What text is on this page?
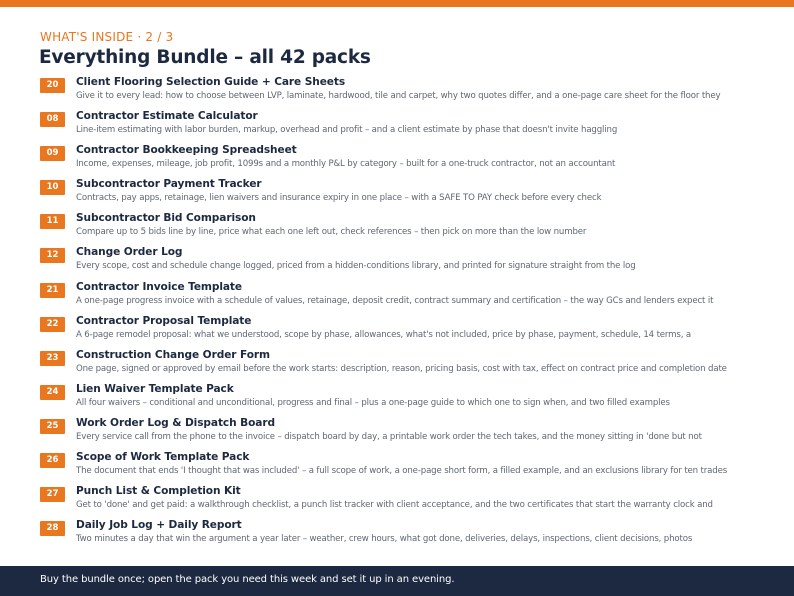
WHAT'S INSIDE · 2 / 3
Everything Bundle – all 42 packs
20	Client Flooring Selection Guide + Care Sheets
Give it to every lead: how to choose between LVP, laminate, hardwood, tile and carpet, why two quotes differ, and a one-page care sheet for the floor they
08	Contractor Estimate Calculator
Line-item estimating with labor burden, markup, overhead and profit – and a client estimate by phase that doesn't invite haggling
09	Contractor Bookkeeping Spreadsheet
Income, expenses, mileage, job profit, 1099s and a monthly P&L by category – built for a one-truck contractor, not an accountant
10	Subcontractor Payment Tracker
Contracts, pay apps, retainage, lien waivers and insurance expiry in one place – with a SAFE TO PAY check before every check
11	Subcontractor Bid Comparison
Compare up to 5 bids line by line, price what each one left out, check references – then pick on more than the low number
12	Change Order Log
Every scope, cost and schedule change logged, priced from a hidden-conditions library, and printed for signature straight from the log
21	Contractor Invoice Template
A one-page progress invoice with a schedule of values, retainage, deposit credit, contract summary and certification – the way GCs and lenders expect it
22	Contractor Proposal Template
A 6-page remodel proposal: what we understood, scope by phase, allowances, what's not included, price by phase, payment, schedule, 14 terms, a
23	Construction Change Order Form
One page, signed or approved by email before the work starts: description, reason, pricing basis, cost with tax, effect on contract price and completion date
24	Lien Waiver Template Pack
All four waivers – conditional and unconditional, progress and final – plus a one-page guide to which one to sign when, and two filled examples
25	Work Order Log & Dispatch Board
Every service call from the phone to the invoice – dispatch board by day, a printable work order the tech takes, and the money sitting in 'done but not
26	Scope of Work Template Pack
The document that ends 'I thought that was included' – a full scope of work, a one-page short form, a filled example, and an exclusions library for ten trades
27	Punch List & Completion Kit
Get to 'done' and get paid: a walkthrough checklist, a punch list tracker with client acceptance, and the two certificates that start the warranty clock and
28	Daily Job Log + Daily Report
Two minutes a day that win the argument a year later – weather, crew hours, what got done, deliveries, delays, inspections, client decisions, photos
Buy the bundle once; open the pack you need this week and set it up in an evening.
